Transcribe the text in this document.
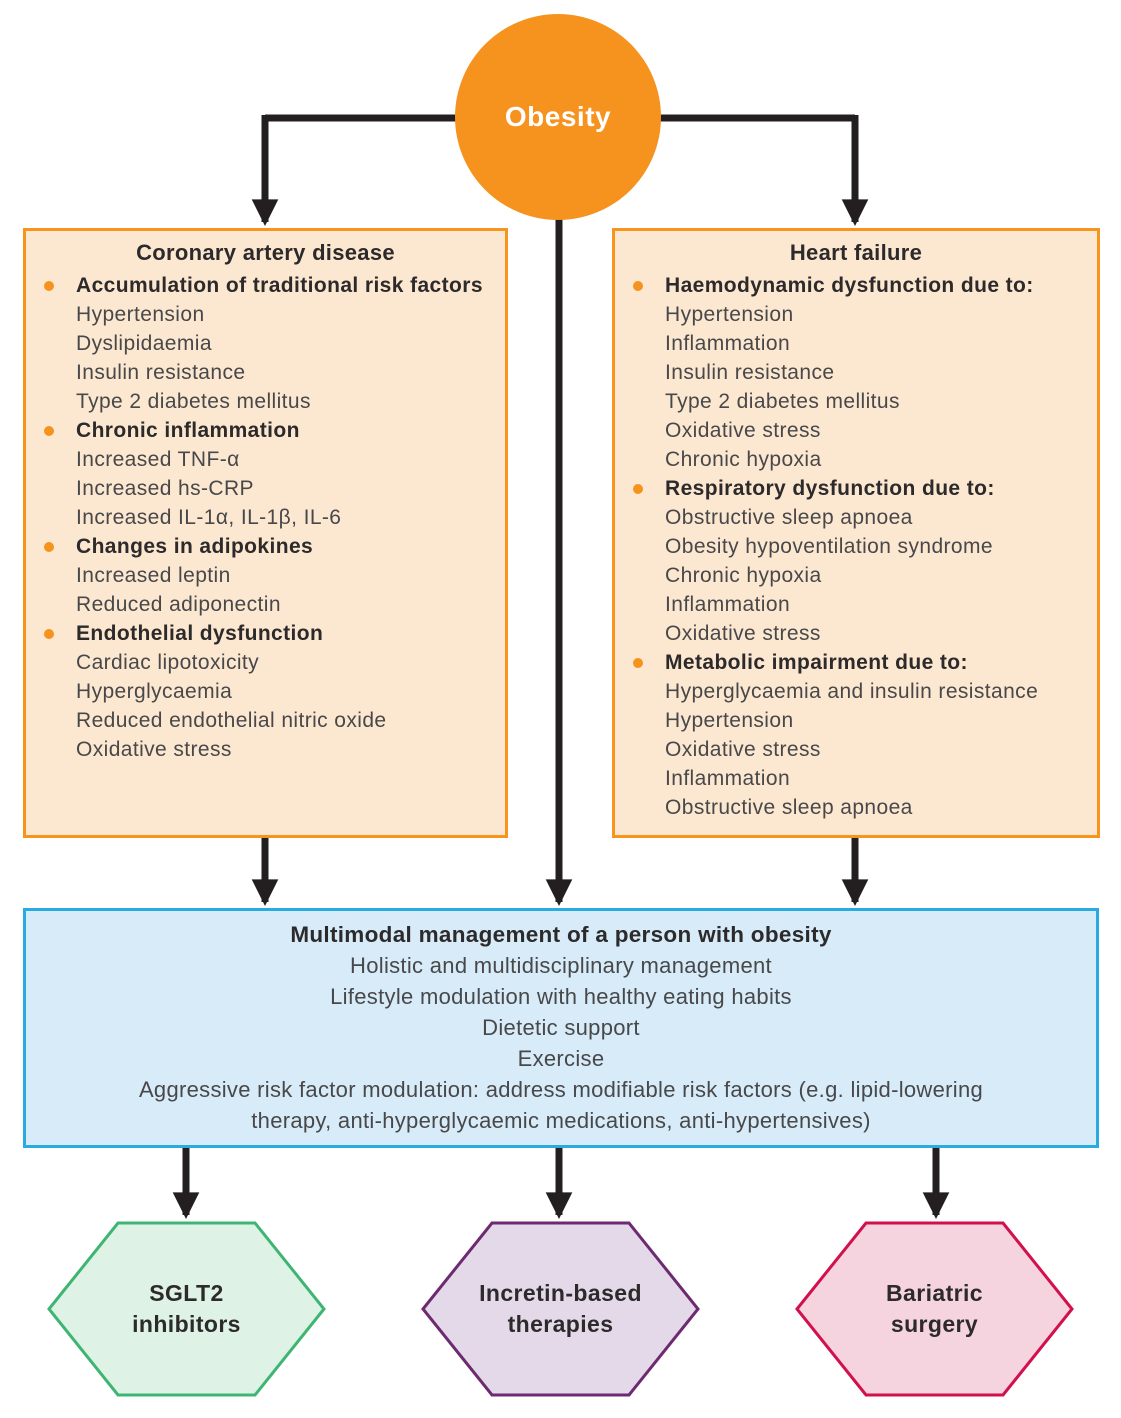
Obesity
Coronary artery disease

Accumulation of traditional risk factors

Hypertension
Dyslipidaemia
Insulin resistance
Type 2 diabetes mellitus

Chronic inflammation

Increased TNF-α
Increased hs-CRP
Increased IL-1α, IL-1β, IL-6

Changes in adipokines

Increased leptin
Reduced adiponectin

Endothelial dysfunction

Cardiac lipotoxicity
Hyperglycaemia
Reduced endothelial nitric oxide
Oxidative stress
Heart failure

Haemodynamic dysfunction due to:

Hypertension
Inflammation
Insulin resistance
Type 2 diabetes mellitus
Oxidative stress
Chronic hypoxia

Respiratory dysfunction due to:

Obstructive sleep apnoea
Obesity hypoventilation syndrome
Chronic hypoxia
Inflammation
Oxidative stress

Metabolic impairment due to:

Hyperglycaemia and insulin resistance
Hypertension
Oxidative stress
Inflammation
Obstructive sleep apnoea
Multimodal management of a person with obesity

Holistic and multidisciplinary management

Lifestyle modulation with healthy eating habits

Dietetic support

Exercise

Aggressive risk factor modulation: address modifiable risk factors (e.g. lipid-lowering therapy, anti-hyperglycaemic medications, anti-hypertensives)

SGLT2
inhibitors
Incretin-based
therapies
Bariatric
surgery
